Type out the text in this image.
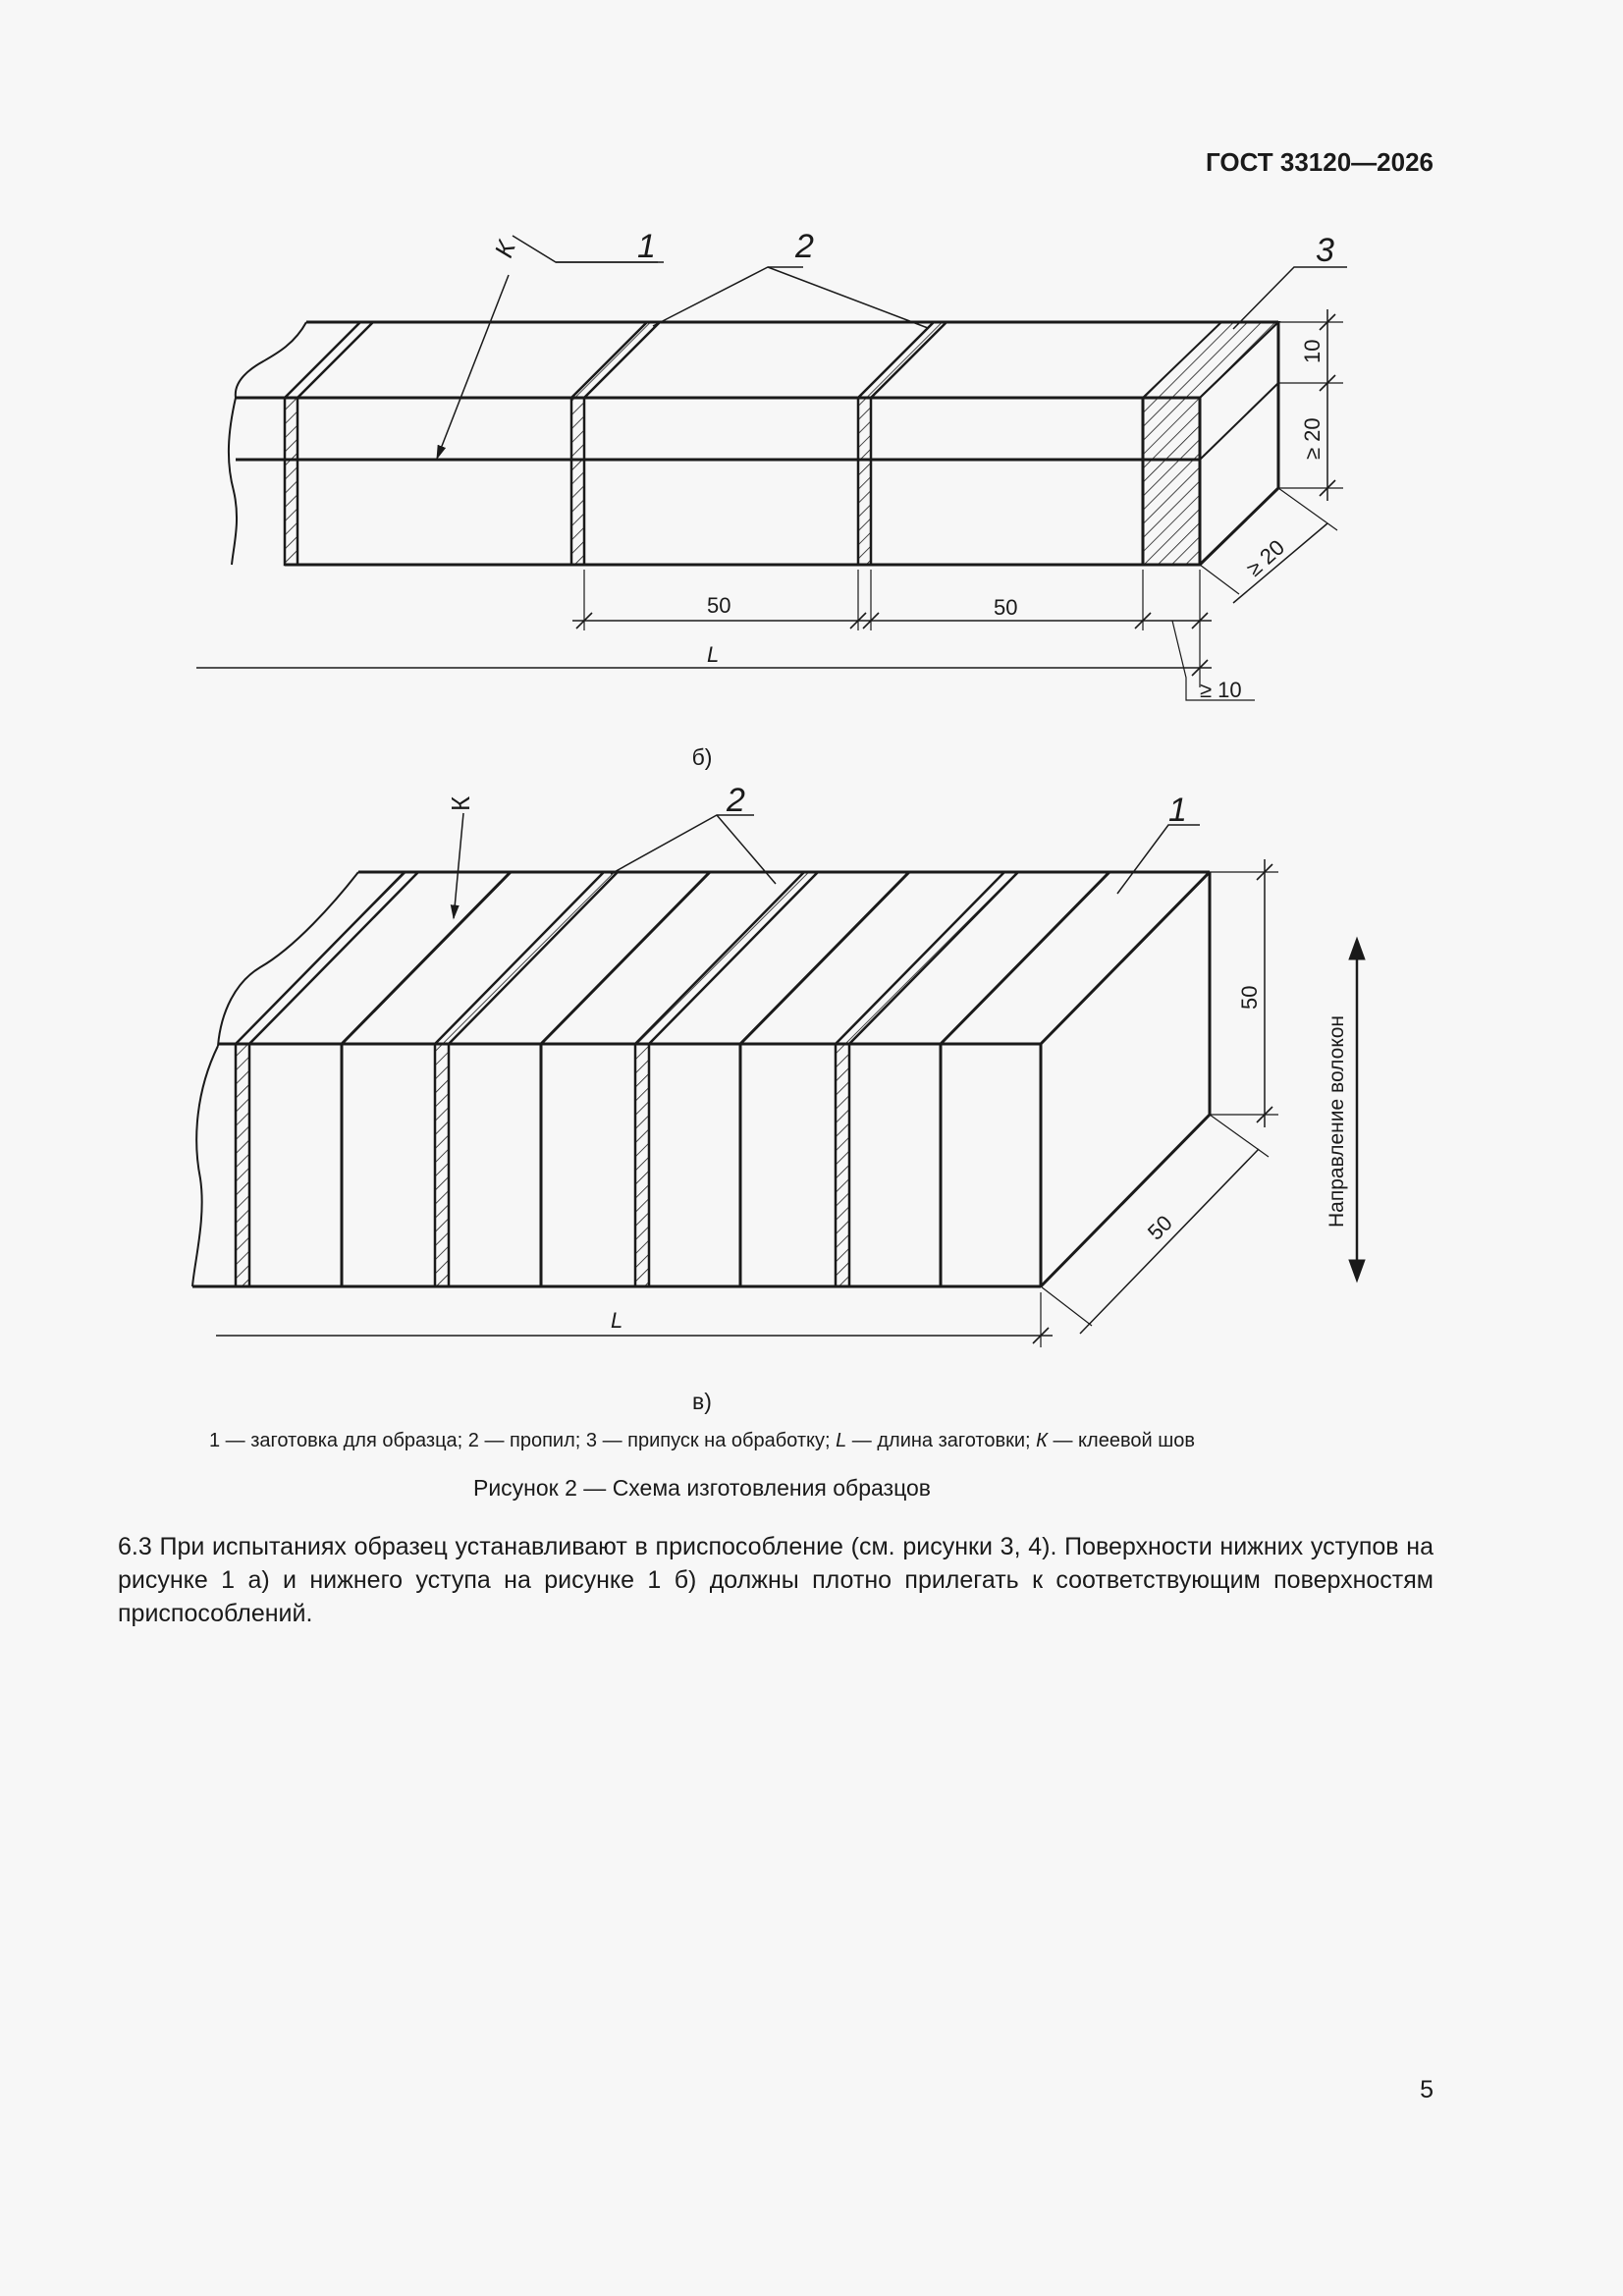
ГОСТ 33120—2026
К	1	2	3
10
≥ 20
≥ 20
50	50
L
≥ 10
К	2	1
50
50
L
Направление волокон
б)
в)
1 — заготовка для образца; 2 — пропил; 3 — припуск на обработку; L — длина заготовки; К — клеевой шов
Рисунок 2 — Схема изготовления образцов
6.3 При испытаниях образец устанавливают в приспособление (см. рисунки 3, 4). Поверхности нижних уступов на рисунке 1 а) и нижнего уступа на рисунке 1 б) должны плотно прилегать к соответствующим поверхностям приспособлений.
5
